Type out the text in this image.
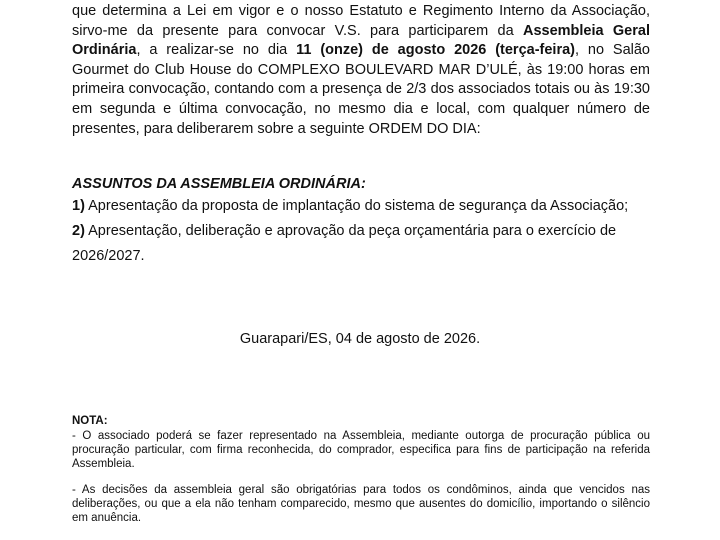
que determina a Lei em vigor e o nosso Estatuto e Regimento Interno da Associação, sirvo-me da presente para convocar V.S. para participarem da Assembleia Geral Ordinária, a realizar-se no dia 11 (onze) de agosto 2026 (terça-feira), no Salão Gourmet do Club House do COMPLEXO BOULEVARD MAR D’ULÉ, às 19:00 horas em primeira convocação, contando com a presença de 2/3 dos associados totais ou às 19:30 em segunda e última convocação, no mesmo dia e local, com qualquer número de presentes, para deliberarem sobre a seguinte ORDEM DO DIA:

ASSUNTOS DA ASSEMBLEIA ORDINÁRIA:

1) Apresentação da proposta de implantação do sistema de segurança da Associação;

2) Apresentação, deliberação e aprovação da peça orçamentária para o exercício de 2026/2027.

Guarapari/ES, 04 de agosto de 2026.

NOTA:

- O associado poderá se fazer representado na Assembleia, mediante outorga de procuração pública ou procuração particular, com firma reconhecida, do comprador, especifica para fins de participação na referida Assembleia.

- As decisões da assembleia geral são obrigatórias para todos os condôminos, ainda que vencidos nas deliberações, ou que a ela não tenham comparecido, mesmo que ausentes do domicílio, importando o silêncio em anuência.
